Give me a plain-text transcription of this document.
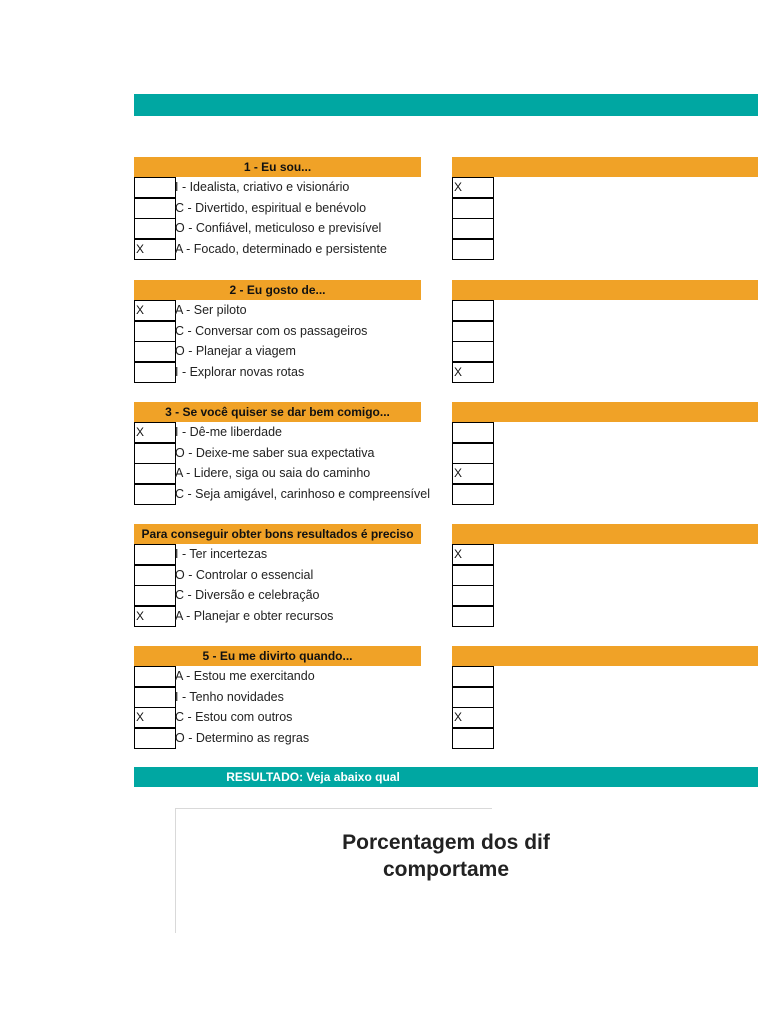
1 - Eu sou...
I - Idealista, criativo e visionário	X
C - Divertido, espiritual e benévolo
O - Confiável, meticuloso e previsível
X	A - Focado, determinado e persistente
2 - Eu gosto de...
X	A - Ser piloto
C - Conversar com os passageiros
O - Planejar a viagem
I - Explorar novas rotas	X
3 - Se você quiser se dar bem comigo...
X	I - Dê-me liberdade
O - Deixe-me saber sua expectativa
A - Lidere, siga ou saia do caminho	X
C - Seja amigável, carinhoso e compreensível
Para conseguir obter bons resultados é preciso
I - Ter incertezas	X
O - Controlar o essencial
C - Diversão e celebração
X	A - Planejar e obter recursos
5 - Eu me divirto quando...
A - Estou me exercitando
I - Tenho novidades
X	C - Estou com outros	X
O - Determino as regras
RESULTADO: Veja abaixo qual
Porcentagem dos dif
comportame
